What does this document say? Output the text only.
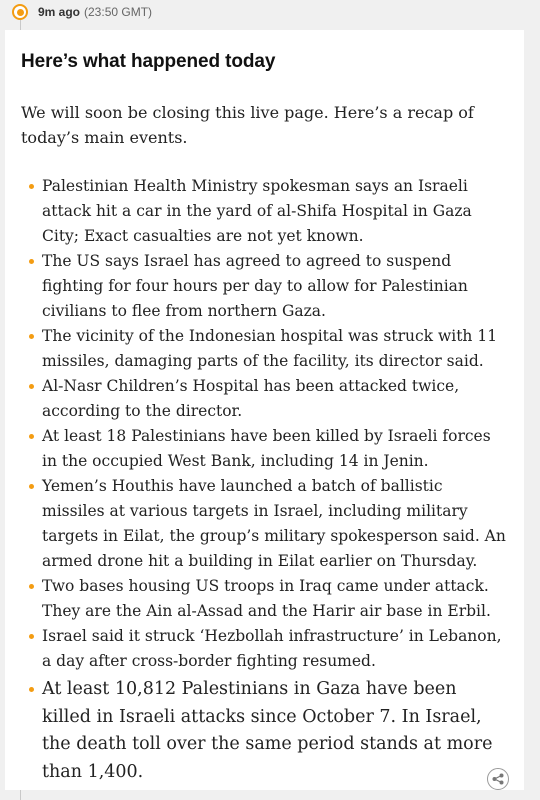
9m ago (23:50 GMT)
Here’s what happened today

We will soon be closing this live page. Here’s a recap of today’s main events.

Palestinian Health Ministry spokesman says an Israeli attack hit a car in the yard of al-Shifa Hospital in Gaza City; Exact casualties are not yet known.
The US says Israel has agreed to agreed to suspend fighting for four hours per day to allow for Palestinian civilians to flee from northern Gaza.
The vicinity of the Indonesian hospital was struck with 11 missiles, damaging parts of the facility, its director said.
Al-Nasr Children’s Hospital has been attacked twice, according to the director.
At least 18 Palestinians have been killed by Israeli forces in the occupied West Bank, including 14 in Jenin.
Yemen’s Houthis have launched a batch of ballistic missiles at various targets in Israel, including military targets in Eilat, the group’s military spokesperson said. An armed drone hit a building in Eilat earlier on Thursday.
Two bases housing US troops in Iraq came under attack. They are the Ain al-Assad and the Harir air base in Erbil.
Israel said it struck ‘Hezbollah infrastructure’ in Lebanon, a day after cross-border fighting resumed.
At least 10,812 Palestinians in Gaza have been killed in Israeli attacks since October 7. In Israel, the death toll over the same period stands at more than 1,400.
